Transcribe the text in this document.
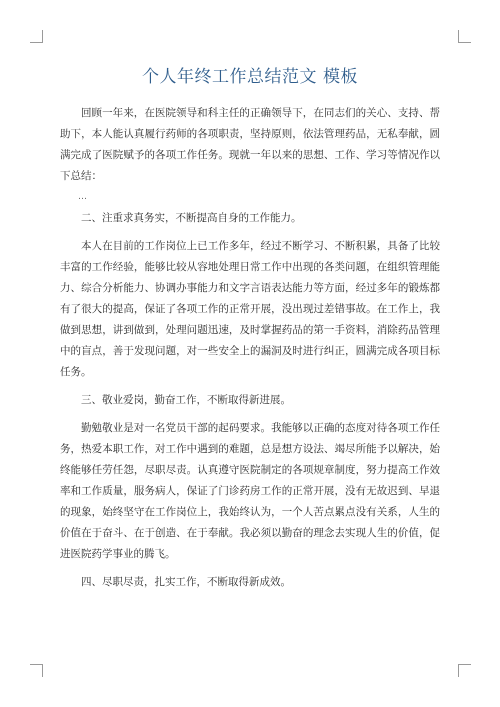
个人年终工作总结范文 模板

回顾一年来，在医院领导和科主任的正确领导下，在同志们的关心、支持、帮助下，本人能认真履行药师的各项职责，坚持原则，依法管理药品，无私奉献，圆满完成了医院赋予的各项工作任务。现就一年以来的思想、工作、学习等情况作以下总结：

…

二、注重求真务实，不断提高自身的工作能力。

本人在目前的工作岗位上已工作多年，经过不断学习、不断积累，具备了比较丰富的工作经验，能够比较从容地处理日常工作中出现的各类问题，在组织管理能力、综合分析能力、协调办事能力和文字言语表达能力等方面，经过多年的锻炼都有了很大的提高，保证了各项工作的正常开展，没出现过差错事故。在工作上，我做到思想，讲到做到，处理问题迅速，及时掌握药品的第一手资料，消除药品管理中的盲点，善于发现问题，对一些安全上的漏洞及时进行纠正，圆满完成各项目标任务。

三、敬业爱岗，勤奋工作，不断取得新进展。

勤勉敬业是对一名党员干部的起码要求。我能够以正确的态度对待各项工作任务，热爱本职工作，对工作中遇到的难题，总是想方设法、竭尽所能予以解决，始终能够任劳任怨，尽职尽责。认真遵守医院制定的各项规章制度，努力提高工作效率和工作质量，服务病人，保证了门诊药房工作的正常开展，没有无故迟到、早退的现象，始终坚守在工作岗位上，我始终认为，一个人苦点累点没有关系，人生的价值在于奋斗、在于创造、在于奉献。我必须以勤奋的理念去实现人生的价值，促进医院药学事业的腾飞。

四、尽职尽责，扎实工作，不断取得新成效。
